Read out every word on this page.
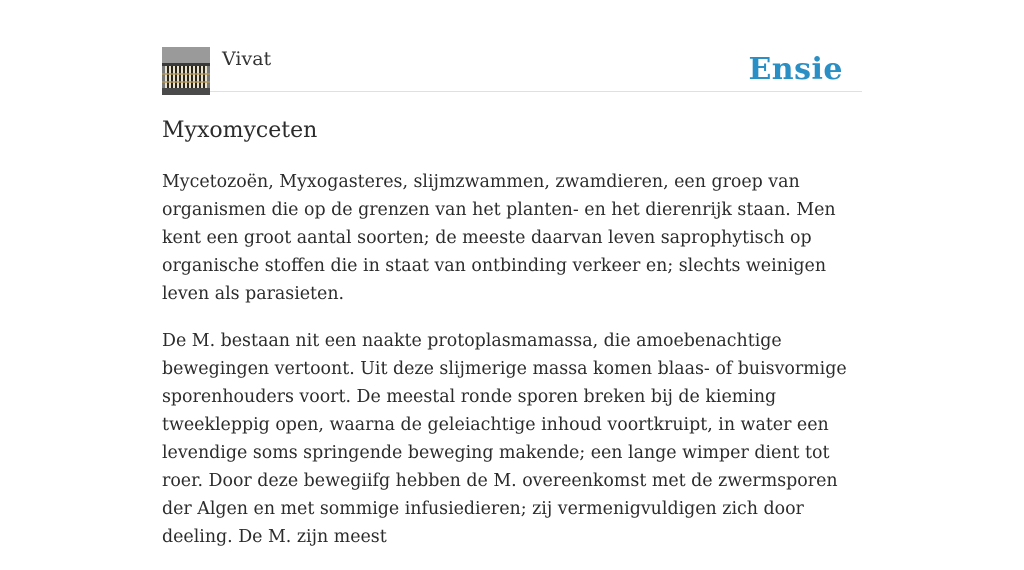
Vivat	Ensie
Myxomyceten

Mycetozoën, Myxogasteres, slijmzwammen, zwamdieren, een groep van organismen die op de grenzen van het planten- en het dierenrijk staan. Men kent een groot aantal soorten; de meeste daarvan leven saprophytisch op organische stoffen die in staat van ontbinding verkeer en; slechts weinigen leven als parasieten.

De M. bestaan nit een naakte protoplasmamassa, die amoebenachtige bewegingen vertoont. Uit deze slijmerige massa komen blaas- of buisvormige sporenhouders voort. De meestal ronde sporen breken bij de kieming tweekleppig open, waarna de geleiachtige inhoud voortkruipt, in water een levendige soms springende beweging makende; een lange wimper dient tot roer. Door deze bewegiifg hebben de M. overeenkomst met de zwermsporen der Algen en met sommige infusiedieren; zij vermenigvuldigen zich door deeling. De M. zijn meest
